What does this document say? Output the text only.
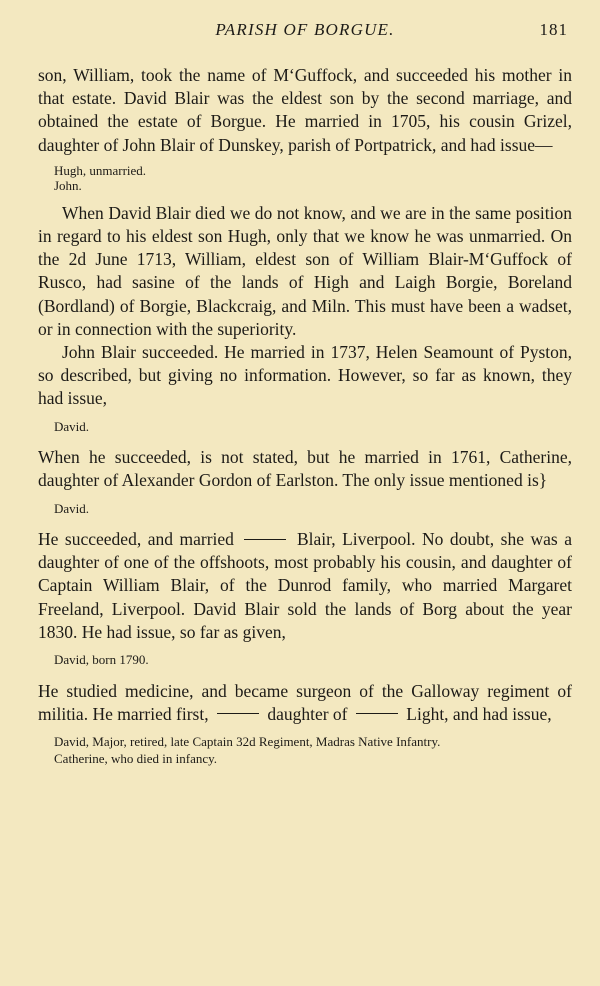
PARISH OF BORGUE.	181

son, William, took the name of M‘Guffock, and succeeded his mother in that estate. David Blair was the eldest son by the second marriage, and obtained the estate of Borgue. He married in 1705, his cousin Grizel, daughter of John Blair of Dunskey, parish of Portpatrick, and had issue—

Hugh, unmarried.
John.

When David Blair died we do not know, and we are in the same position in regard to his eldest son Hugh, only that we know he was unmarried. On the 2d June 1713, William, eldest son of William Blair-M‘Guffock of Rusco, had sasine of the lands of High and Laigh Borgie, Boreland (Bordland) of Borgie, Blackcraig, and Miln. This must have been a wadset, or in connection with the superiority.

John Blair succeeded. He married in 1737, Helen Seamount of Pyston, so described, but giving no information. However, so far as known, they had issue,

David.

When he succeeded, is not stated, but he married in 1761, Catherine, daughter of Alexander Gordon of Earlston. The only issue mentioned is}

David.

He succeeded, and married	Blair, Liverpool. No doubt, she was a daughter of one of the offshoots, most probably his cousin, and daughter of Captain William Blair, of the Dunrod family, who married Margaret Freeland, Liverpool. David Blair sold the lands of Borg about the year 1830. He had issue, so far as given,

David, born 1790.

He studied medicine, and became surgeon of the Galloway regiment of militia. He married first,	daughter of	Light, and had issue,

David, Major, retired, late Captain 32d Regiment, Madras Native Infantry.
Catherine, who died in infancy.
